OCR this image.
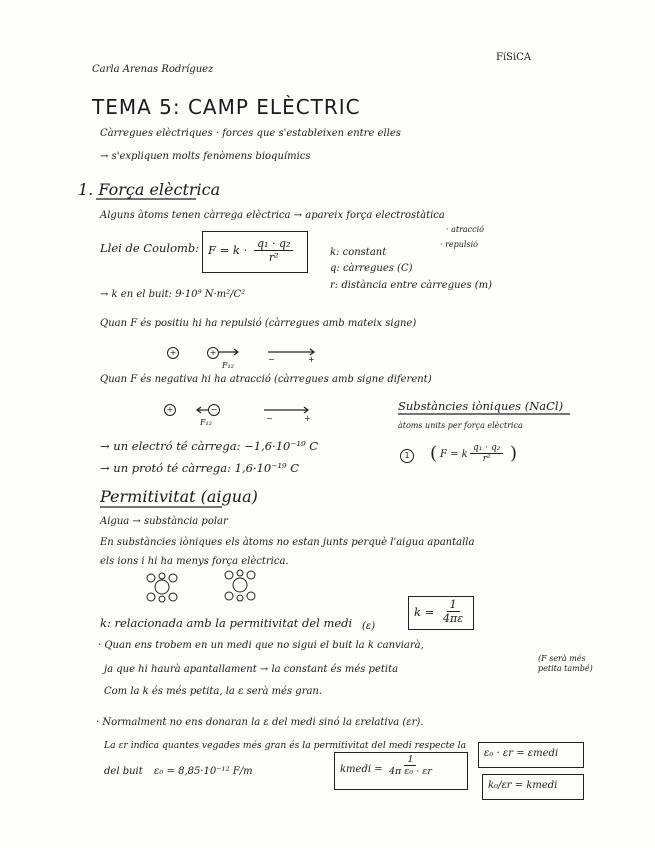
FíSiCA
Carla Arenas Rodríguez
TEMA 5: CAMP ELÈCTRIC
Càrregues elèctriques · forces que s'estableixen entre elles
→ s'expliquen molts fenòmens bioquímics
1. Força elèctrica
Alguns àtoms tenen càrrega elèctrica → apareix força electrostàtica
· atracció
· repulsió
Llei de Coulomb: $F = k \cdot \frac{\text{q₁ · q₂}}{\text{r²}}$	k: constant
q: càrregues (C)
r: distància entre càrregues (m)
→ k en el buit: 9·10⁹ N·m²/C²
Quan F és positiu hi ha repulsió (càrregues amb mateix signe)
+	+
F₁₂
−	+
Quan F és negativa hi ha atracció (càrregues amb signe diferent)
+	−
F₁₂	−	+
Substàncies iòniques (NaCl)
àtoms units per força elèctrica
1 ( F = k $\frac{\text{q₁ · q₂}}{\text{r²}}$ )
→ un electró té càrrega: −1,6·10⁻¹⁹ C
→ un protó té càrrega: 1,6·10⁻¹⁹ C
Permitivitat (aigua)
Aigua → substància polar
En substàncies iòniques els àtoms no estan junts perquè l'aigua apantalla
els ions i hi ha menys força elèctrica.
k: relacionada amb la permitivitat del medi (ε)
$k = \frac{1}{4\pi\varepsilon}$
· Quan ens trobem en un medi que no sigui el buit la k canviarà,
ja que hi haurà apantallament → la constant és més petita
(F serà més petita també)
Com la k és més petita, la ε serà més gran.
· Normalment no ens donaran la ε del medi sinó la εrelativa (εr).
La εr indica quantes vegades més gran és la permitivitat del medi respecte la
del buit ε₀ = 8,85·10⁻¹² F/m	kmedi = $\frac{1}{\text{4π ε₀ · εr}}$
ε₀ · εr = εmedi
k₀/εr = kmedi
